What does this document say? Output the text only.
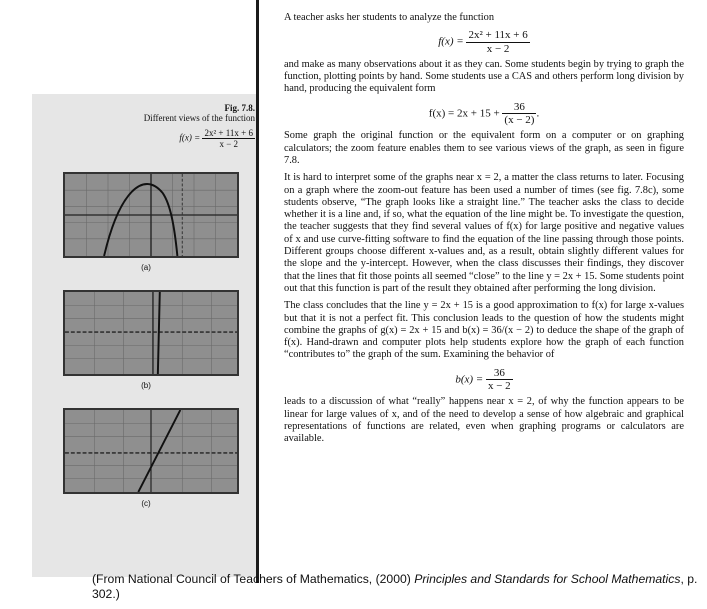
Fig. 7.8.
Different views of the function
$f(x) = \frac{\text{2x² + 11x + 6}}{x - 2}$
(a)
(b)
(c)

A teacher asks her students to analyze the function

$f(x) = \frac{\text{2x² + 11x + 6}}{x - 2}$

and make as many observations about it as they can. Some students begin by trying to graph the function, plotting points by hand. Some students use a CAS and others perform long division by hand, producing the equivalent form

$f(x) = 2x + 15 + \frac{36}{(x - 2)}$ .

Some graph the original function or the equivalent form on a computer or on graphing calculators; the zoom feature enables them to see various views of the graph, as seen in figure 7.8.

It is hard to interpret some of the graphs near x = 2, a matter the class returns to later. Focusing on a graph where the zoom-out feature has been used a number of times (see fig. 7.8c), some students observe, “The graph looks like a straight line.” The teacher asks the class to decide whether it is a line and, if so, what the equation of the line might be. To investigate the question, the teacher suggests that they find several values of f(x) for large positive and negative values of x and use curve-fitting software to find the equation of the line passing through those points. Different groups choose different x-values and, as a result, obtain slightly different values for the slope and the y-intercept. However, when the class discusses their findings, they discover that the lines that fit those points all seemed “close” to the line y = 2x + 15. Some students point out that this function is part of the result they obtained after performing the long division.

The class concludes that the line y = 2x + 15 is a good approximation to f(x) for large x-values but that it is not a perfect fit. This conclusion leads to the question of how the students might combine the graphs of g(x) = 2x + 15 and b(x) = 36/(x − 2) to deduce the shape of the graph of f(x). Hand-drawn and computer plots help students explore how the graph of each function “contributes to” the graph of the sum. Examining the behavior of

$b(x) = \frac{36}{x - 2}$

leads to a discussion of what “really” happens near x = 2, of why the function appears to be linear for large values of x, and of the need to develop a sense of how algebraic and graphical representations of functions are related, even when graphing programs or calculators are available.

(From National Council of Teachers of Mathematics, (2000) Principles and Standards for School Mathematics, p. 302.)
